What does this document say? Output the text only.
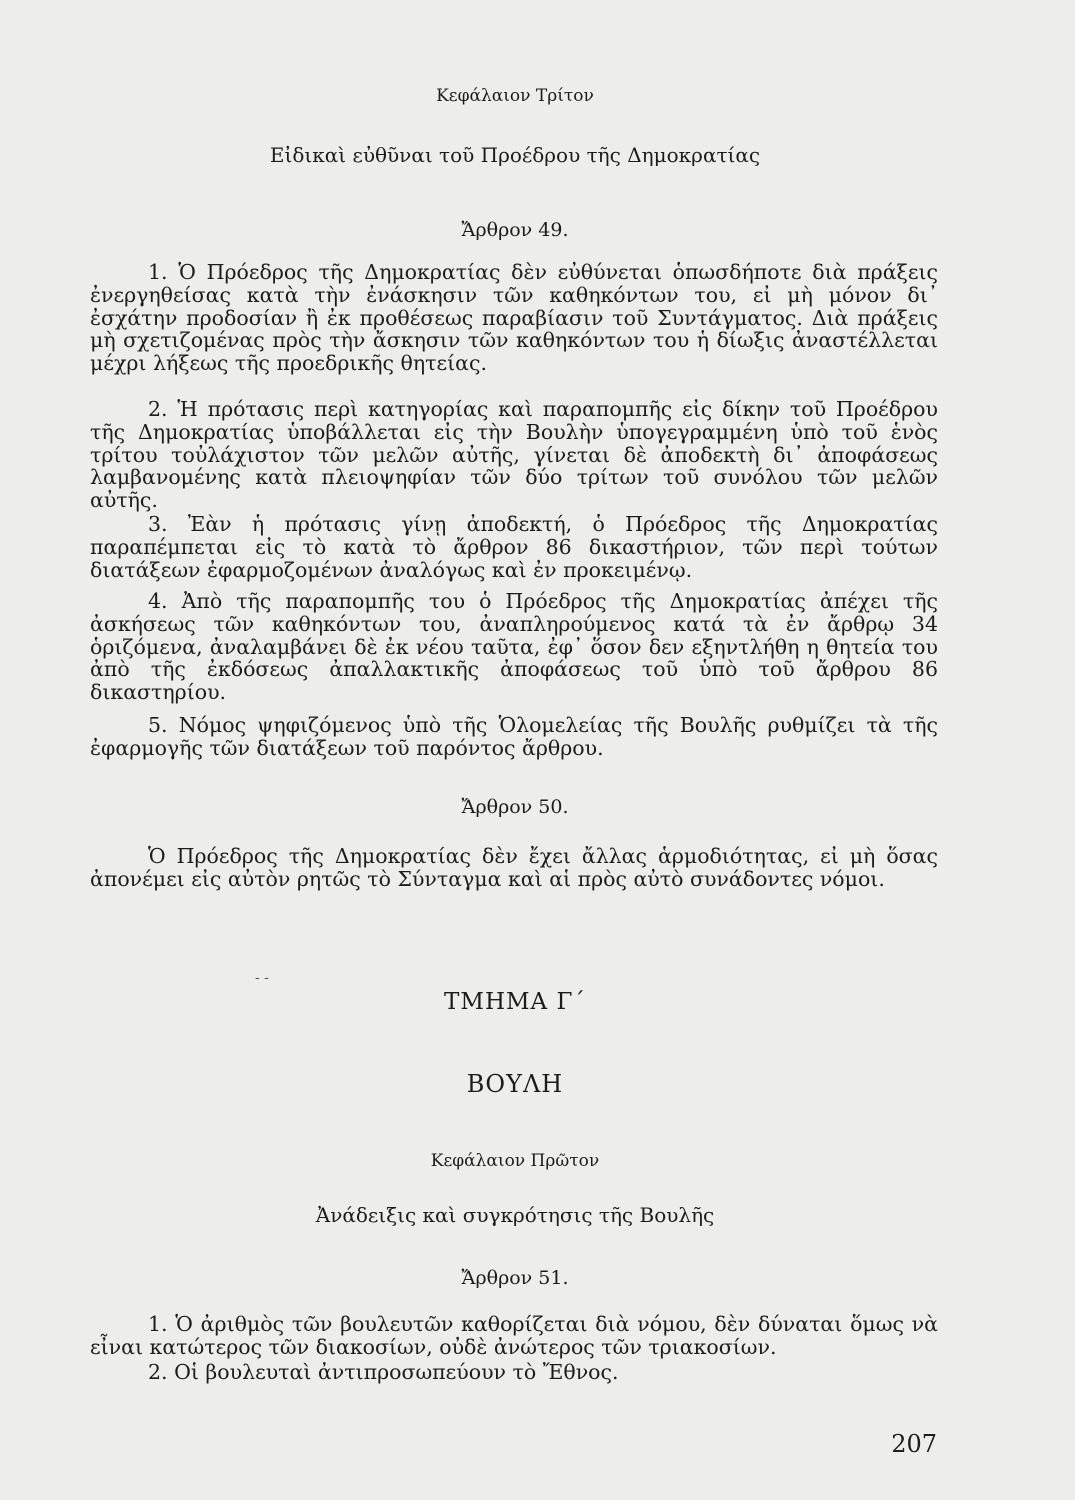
Κεφάλαιον Τρίτον
Εἰδικαὶ εὐθῦναι τοῦ Προέδρου τῆς Δημοκρατίας
Ἄρθρον 49.
1. Ὁ Πρόεδρος τῆς Δημοκρατίας δὲν εὐθύνεται ὁπωσδήποτε διὰ πράξεις ἐνεργηθείσας κατὰ τὴν ἐνάσκησιν τῶν καθηκόντων του, εἰ μὴ μόνον δι᾽ ἐσχάτην προδοσίαν ἢ ἐκ προθέσεως παραβίασιν τοῦ Συντάγματος. Διὰ πράξεις μὴ σχετιζομένας πρὸς τὴν ἄσκησιν τῶν καθηκόντων του ἡ δίωξις ἀναστέλλεται μέχρι λήξεως τῆς προεδρικῆς θητείας.
2. Ἡ πρότασις περὶ κατηγορίας καὶ παραπομπῆς εἰς δίκην τοῦ Προέδρου τῆς Δημοκρατίας ὑποβάλλεται εἰς τὴν Βουλὴν ὑπογεγραμμένη ὑπὸ τοῦ ἑνὸς τρίτου τοὐλάχιστον τῶν μελῶν αὐτῆς, γίνεται δὲ ἀποδεκτὴ δι᾽ ἀποφάσεως λαμβανομένης κατὰ πλειοψηφίαν τῶν δύο τρίτων τοῦ συνόλου τῶν μελῶν αὐτῆς.
3. Ἐὰν ἡ πρότασις γίνῃ ἀποδεκτή, ὁ Πρόεδρος τῆς Δημοκρατίας παραπέμπεται εἰς τὸ κατὰ τὸ ἄρθρον 86 δικαστήριον, τῶν περὶ τούτων διατάξεων ἐφαρμοζομένων ἀναλόγως καὶ ἐν προκειμένῳ.
4. Ἀπὸ τῆς παραπομπῆς του ὁ Πρόεδρος τῆς Δημοκρατίας ἀπέχει τῆς ἀσκήσεως τῶν καθηκόντων του, ἀναπληρούμενος κατά τὰ ἐν ἄρθρῳ 34 ὁριζόμενα, ἀναλαμβάνει δὲ ἐκ νέου ταῦτα, ἐφ᾽ ὅσον δεν εξηντλήθη η θητεία του ἀπὸ τῆς ἐκδόσεως ἀπαλλακτικῆς ἀποφάσεως τοῦ ὑπὸ τοῦ ἄρθρου 86 δικαστηρίου.
5. Νόμος ψηφιζόμενος ὑπὸ τῆς Ὁλομελείας τῆς Βουλῆς ρυθμίζει τὰ τῆς ἐφαρμογῆς τῶν διατάξεων τοῦ παρόντος ἄρθρου.
Ἄρθρον 50.
Ὁ Πρόεδρος τῆς Δημοκρατίας δὲν ἔχει ἄλλας ἁρμοδιότητας, εἰ μὴ ὅσας ἀπονέμει εἰς αὐτὸν ρητῶς τὸ Σύνταγμα καὶ αἱ πρὸς αὐτὸ συνάδοντες νόμοι.
- -
ΤΜΗΜΑ Γ΄
ΒΟΥΛΗ
Κεφάλαιον Πρῶτον
Ἀνάδειξις καὶ συγκρότησις τῆς Βουλῆς
Ἄρθρον 51.
1. Ὁ ἀριθμὸς τῶν βουλευτῶν καθορίζεται διὰ νόμου, δὲν δύναται ὅμως νὰ εἶναι κατώτερος τῶν διακοσίων, οὐδὲ ἀνώτερος τῶν τριακοσίων.
2. Οἱ βουλευταὶ ἀντιπροσωπεύουν τὸ Ἔθνος.
207
